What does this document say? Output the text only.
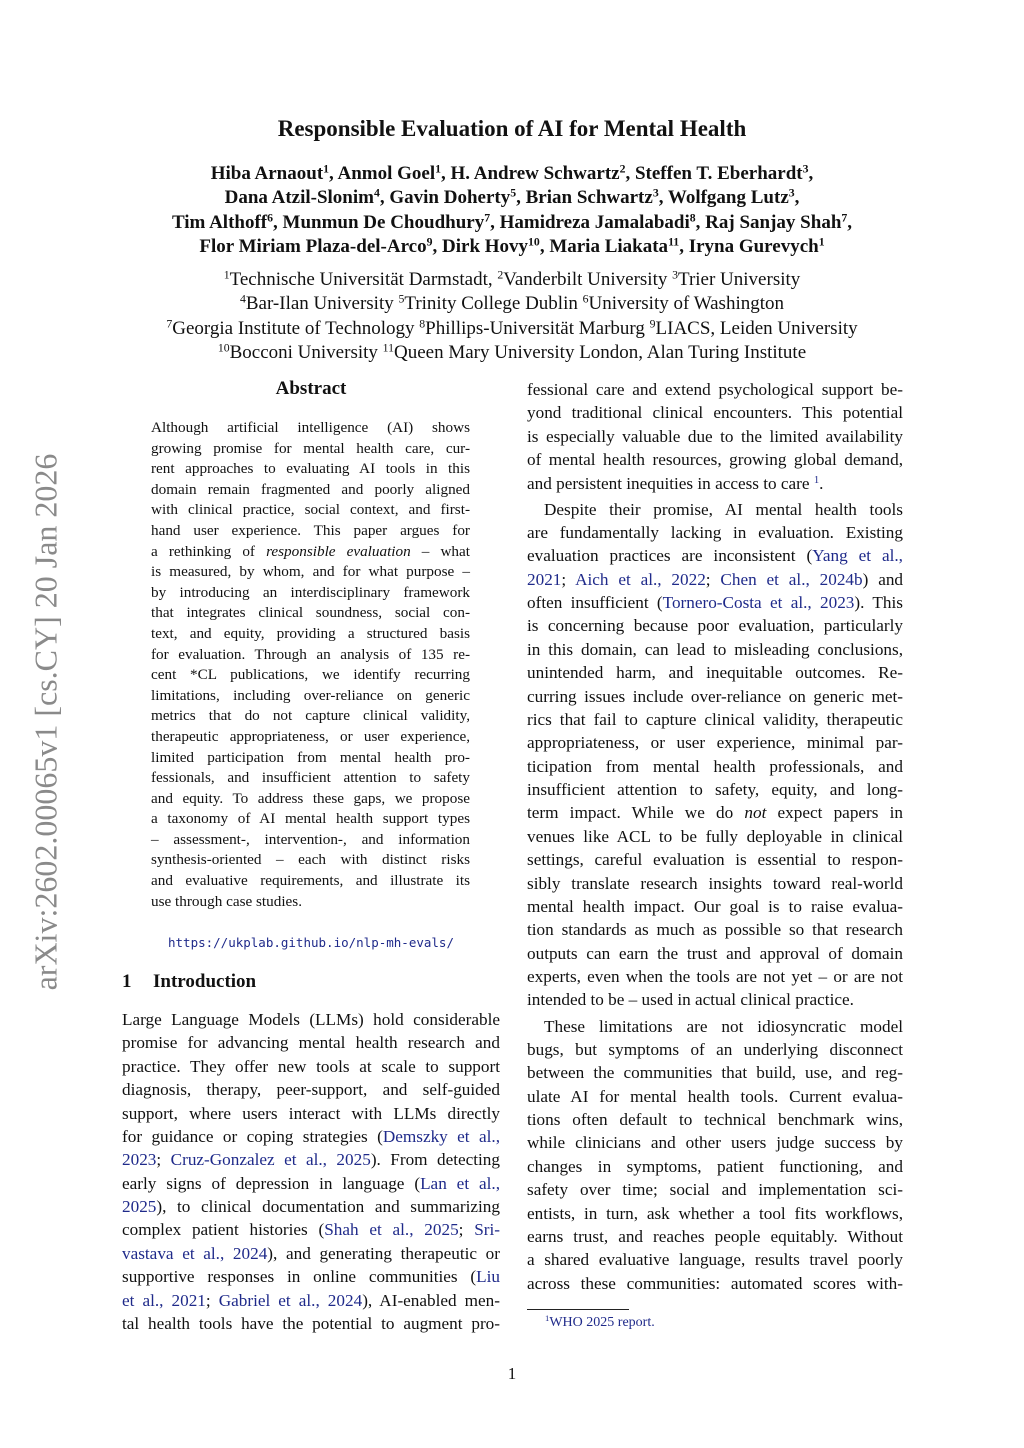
Responsible Evaluation of AI for Mental Health
Hiba Arnaout$^1$, Anmol Goel$^1$, H. Andrew Schwartz$^2$, Steffen T. Eberhardt$^3$,
Dana Atzil-Slonim$^4$, Gavin Doherty$^5$, Brian Schwartz$^3$, Wolfgang Lutz$^3$,
Tim Althoff$^6$, Munmun De Choudhury$^7$, Hamidreza Jamalabadi$^8$, Raj Sanjay Shah$^7$,
Flor Miriam Plaza-del-Arco$^9$, Dirk Hovy$^{10}$, Maria Liakata$^{11}$, Iryna Gurevych$^1$
$^1$Technische Universität Darmstadt, $^2$Vanderbilt University $^3$Trier University
$^4$Bar-Ilan University $^5$Trinity College Dublin $^6$University of Washington
$^7$Georgia Institute of Technology $^8$Phillips-Universität Marburg $^9$LIACS, Leiden University
$^{10}$Bocconi University $^{11}$Queen Mary University London, Alan Turing Institute
arXiv:2602.00065v1 [cs.CY] 20 Jan 2026
Abstract
Although artificial intelligence (AI) shows
growing promise for mental health care, cur-
rent approaches to evaluating AI tools in this
domain remain fragmented and poorly aligned
with clinical practice, social context, and first-
hand user experience. This paper argues for
a rethinking of responsible evaluation – what
is measured, by whom, and for what purpose –
by introducing an interdisciplinary framework
that integrates clinical soundness, social con-
text, and equity, providing a structured basis
for evaluation. Through an analysis of 135 re-
cent *CL publications, we identify recurring
limitations, including over-reliance on generic
metrics that do not capture clinical validity,
therapeutic appropriateness, or user experience,
limited participation from mental health pro-
fessionals, and insufficient attention to safety
and equity. To address these gaps, we propose
a taxonomy of AI mental health support types
– assessment-, intervention-, and information
synthesis-oriented – each with distinct risks
and evaluative requirements, and illustrate its
use through case studies.
https://ukplab.github.io/nlp-mh-evals/
1 Introduction
Large Language Models (LLMs) hold considerable
promise for advancing mental health research and
practice. They offer new tools at scale to support
diagnosis, therapy, peer-support, and self-guided
support, where users interact with LLMs directly
for guidance or coping strategies (Demszky et al.,
2023; Cruz-Gonzalez et al., 2025). From detecting
early signs of depression in language (Lan et al.,
2025), to clinical documentation and summarizing
complex patient histories (Shah et al., 2025; Sri-
vastava et al., 2024), and generating therapeutic or
supportive responses in online communities (Liu
et al., 2021; Gabriel et al., 2024), AI-enabled men-
tal health tools have the potential to augment pro-
fessional care and extend psychological support be-
yond traditional clinical encounters. This potential
is especially valuable due to the limited availability
of mental health resources, growing global demand,
and persistent inequities in access to care $^1$.
Despite their promise, AI mental health tools
are fundamentally lacking in evaluation. Existing
evaluation practices are inconsistent (Yang et al.,
2021; Aich et al., 2022; Chen et al., 2024b) and
often insufficient (Tornero-Costa et al., 2023). This
is concerning because poor evaluation, particularly
in this domain, can lead to misleading conclusions,
unintended harm, and inequitable outcomes. Re-
curring issues include over-reliance on generic met-
rics that fail to capture clinical validity, therapeutic
appropriateness, or user experience, minimal par-
ticipation from mental health professionals, and
insufficient attention to safety, equity, and long-
term impact. While we do not expect papers in
venues like ACL to be fully deployable in clinical
settings, careful evaluation is essential to respon-
sibly translate research insights toward real-world
mental health impact. Our goal is to raise evalua-
tion standards as much as possible so that research
outputs can earn the trust and approval of domain
experts, even when the tools are not yet – or are not
intended to be – used in actual clinical practice.
These limitations are not idiosyncratic model
bugs, but symptoms of an underlying disconnect
between the communities that build, use, and reg-
ulate AI for mental health tools. Current evalua-
tions often default to technical benchmark wins,
while clinicians and other users judge success by
changes in symptoms, patient functioning, and
safety over time; social and implementation sci-
entists, in turn, ask whether a tool fits workflows,
earns trust, and reaches people equitably. Without
a shared evaluative language, results travel poorly
across these communities: automated scores with-
$^1$WHO 2025 report.
1
